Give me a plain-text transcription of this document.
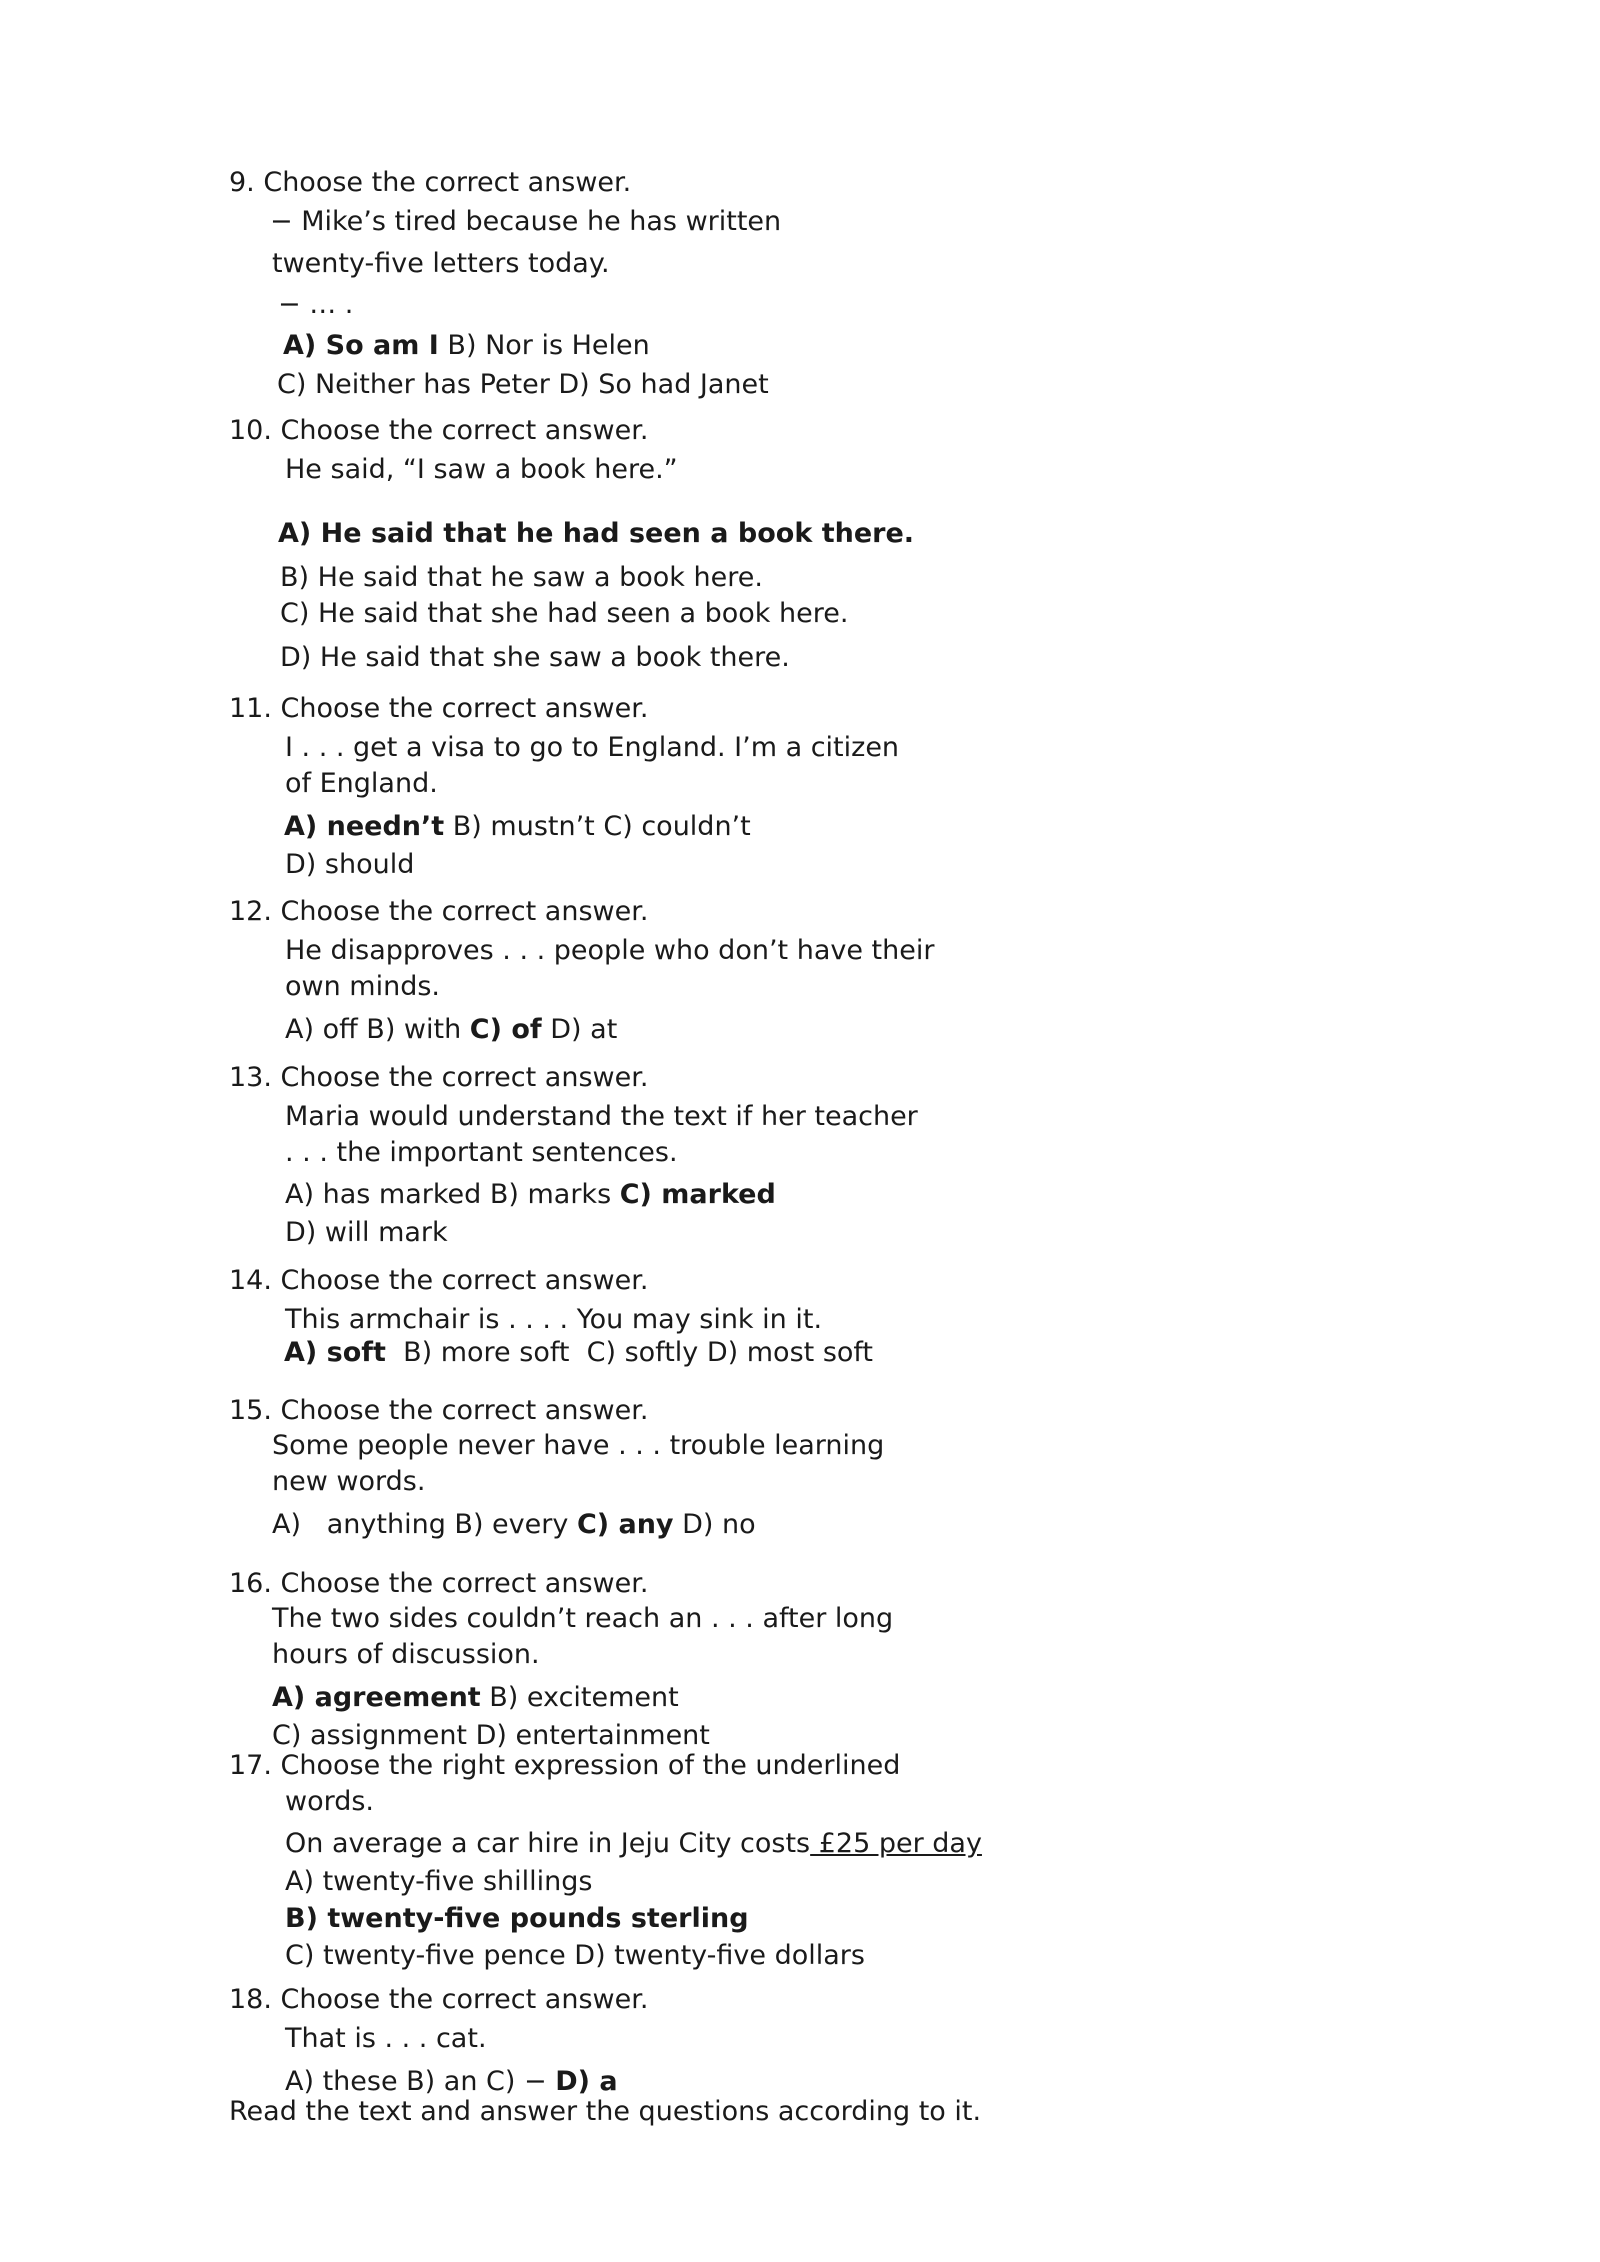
9. Choose the correct answer.
− Mike’s tired because he has written
twenty-five letters today.
− … .
A) So am I B) Nor is Helen
C) Neither has Peter D) So had Janet
10. Choose the correct answer.
He said, “I saw a book here.”
A) He said that he had seen a book there.
B) He said that he saw a book here.
C) He said that she had seen a book here.
D) He said that she saw a book there.
11. Choose the correct answer.
I . . . get a visa to go to England. I’m a citizen
of England.
A) needn’t B) mustn’t C) couldn’t
D) should
12. Choose the correct answer.
He disapproves . . . people who don’t have their
own minds.
A) off B) with C) of D) at
13. Choose the correct answer.
Maria would understand the text if her teacher
. . . the important sentences.
A) has marked B) marks C) marked
D) will mark
14. Choose the correct answer.
This armchair is . . . . You may sink in it.
A) soft  B) more soft  C) softly D) most soft
15. Choose the correct answer.
Some people never have . . . trouble learning
new words.
A)   anything B) every C) any D) no
16. Choose the correct answer.
The two sides couldn’t reach an . . . after long
hours of discussion.
A) agreement B) excitement
C) assignment D) entertainment
17. Choose the right expression of the underlined
words.
On average a car hire in Jeju City costs £25 per day
A) twenty-five shillings
B) twenty-five pounds sterling
C) twenty-five pence D) twenty-five dollars
18. Choose the correct answer.
That is . . . cat.
A) these B) an C) − D) a
Read the text and answer the questions according to it.
